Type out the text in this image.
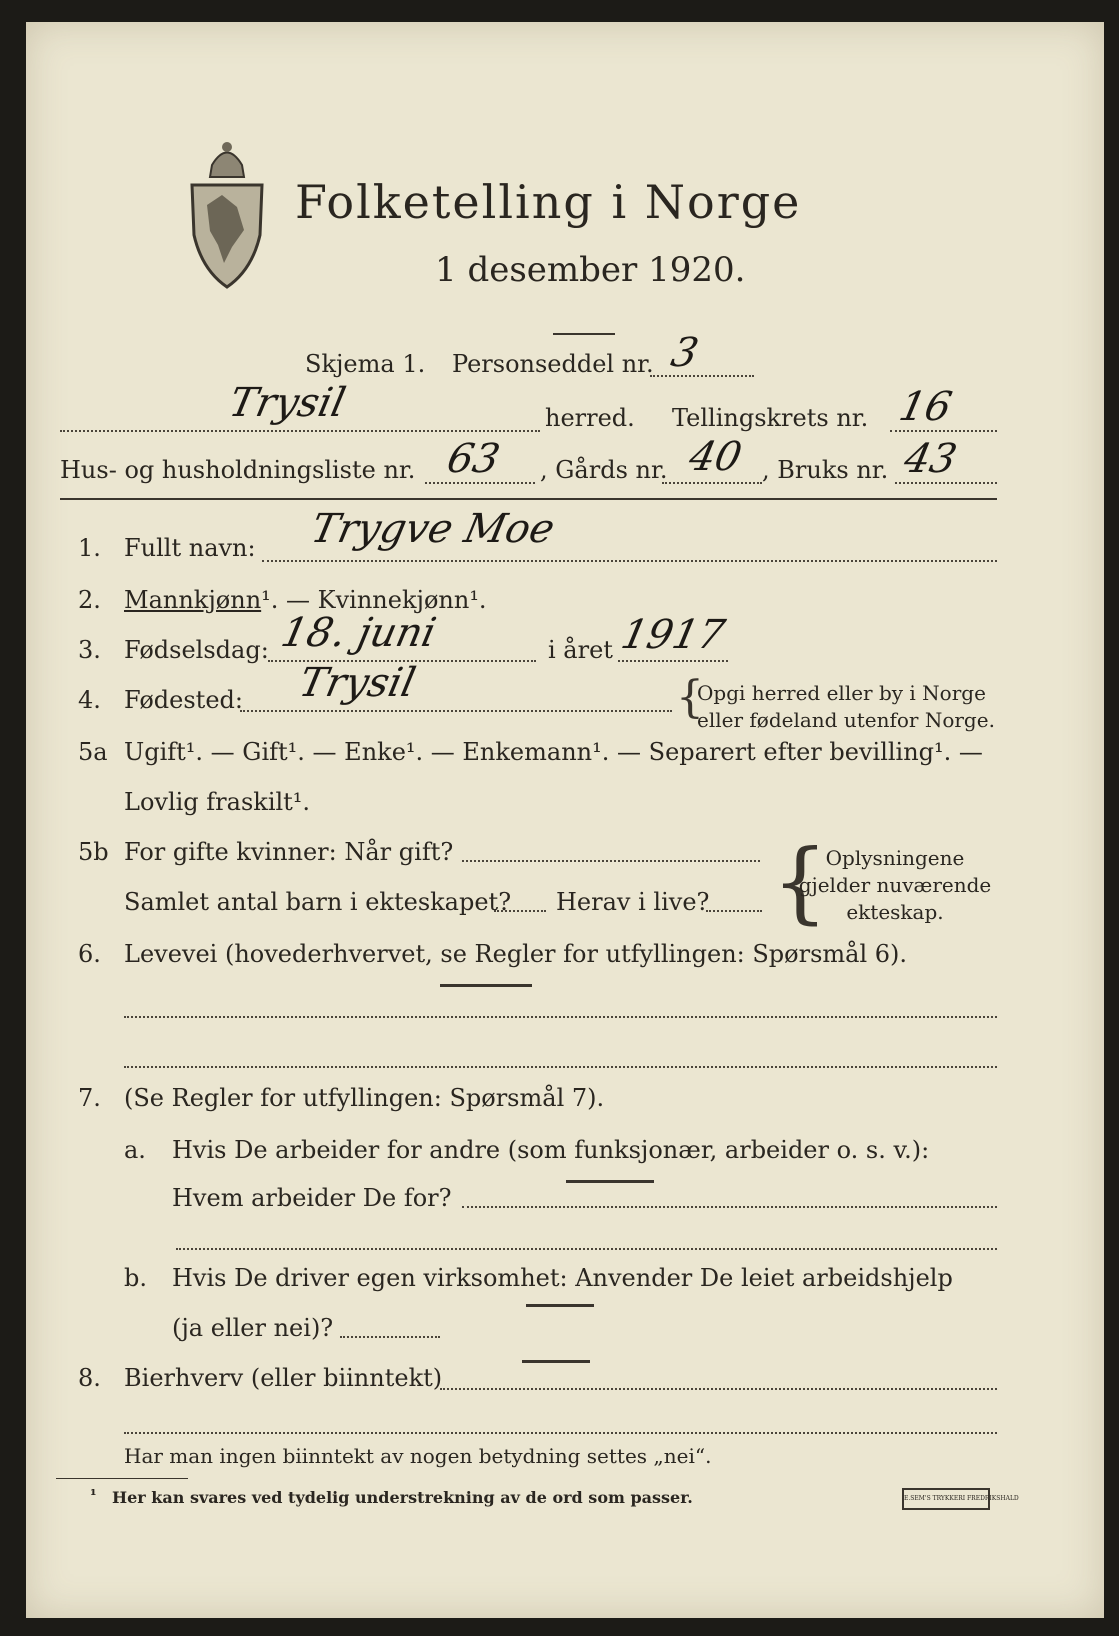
Folketelling i Norge
1 desember 1920.
Skjema 1. Personseddel nr. 3
Trysil	herred. Tellingskrets nr. 16
Hus- og husholdningsliste nr. 63 , Gårds nr. 40 , Bruks nr. 43
1. Fullt navn: Trygve Moe
2. Mannkjønn¹. — Kvinnekjønn¹.
3. Fødselsdag: 18. juni	i året 1917
4. Fødested: Trysil	{
Opgi herred eller by i Norge
eller fødeland utenfor Norge.
5a Ugift¹. — Gift¹. — Enke¹. — Enkemann¹. — Separert efter bevilling¹. —
Lovlig fraskilt¹.
5b For gifte kvinner: Når gift?
Samlet antal barn i ekteskapet? Herav i live? {
Oplysningene
gjelder nuværende
ekteskap.
6. Levevei (hovederhvervet, se Regler for utfyllingen: Spørsmål 6).
7. (Se Regler for utfyllingen: Spørsmål 7).
a. Hvis De arbeider for andre (som funksjonær, arbeider o. s. v.):
Hvem arbeider De for?
b. Hvis De driver egen virksomhet: Anvender De leiet arbeidshjelp
(ja eller nei)?
8. Bierhverv (eller biinntekt)
Har man ingen biinntekt av nogen betydning settes „nei“.
¹ Her kan svares ved tydelig understrekning av de ord som passer.	E.SEM'S TRYKKERI FREDRIKSHALD
